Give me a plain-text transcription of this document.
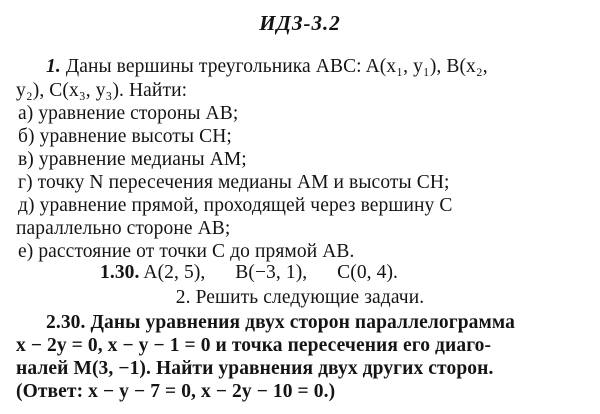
ИДЗ-3.2
1. Даны вершины треугольника ABC: A(x₁, y₁), B(x₂,
y₂), C(x₃, y₃). Найти:
а) уравнение стороны AB;
б) уравнение высоты CH;
в) уравнение медианы AM;
г) точку N пересечения медианы AM и высоты CH;
д) уравнение прямой, проходящей через вершину C
параллельно стороне AB;
е) расстояние от точки C до прямой AB.
1.30. A(2, 5),      B(−3, 1),      C(0, 4).
2. Решить следующие задачи.
2.30. Даны уравнения двух сторон параллелограмма
x − 2y = 0, x − y − 1 = 0 и точка пересечения его диаго-
налей M(3, −1). Найти уравнения двух других сторон.
(Ответ: x − y − 7 = 0, x − 2y − 10 = 0.)
